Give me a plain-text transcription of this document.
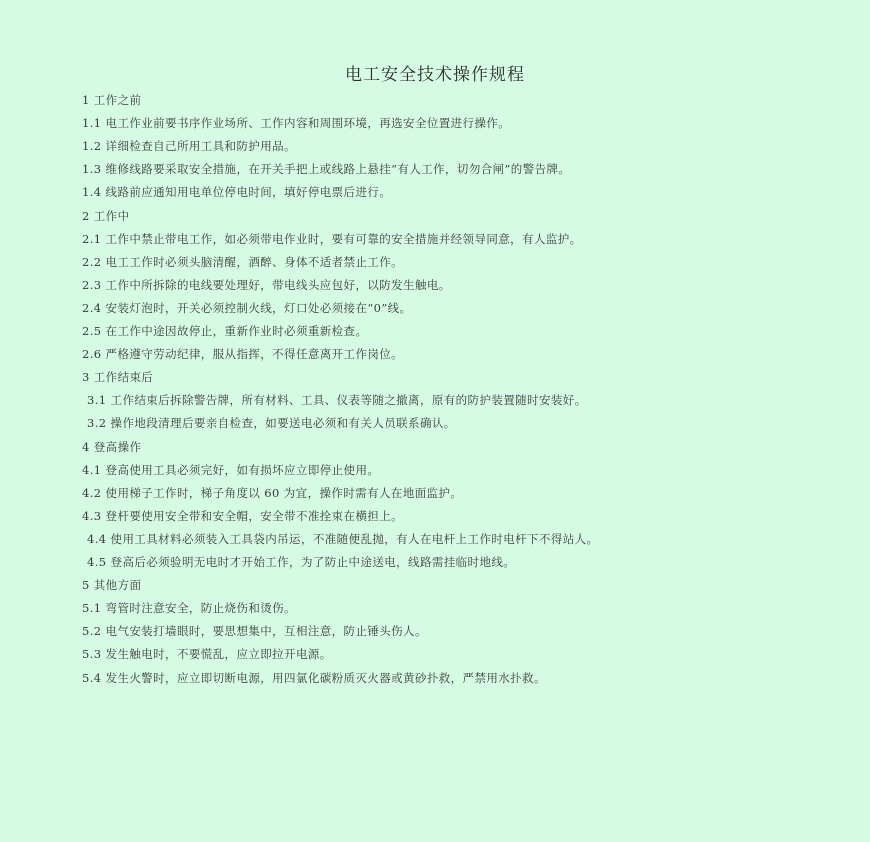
电工安全技术操作规程
1 工作之前
1.1 电工作业前要书序作业场所、工作内容和周围环境，再选安全位置进行操作。
1.2 详细检查自己所用工具和防护用品。
1.3 维修线路要采取安全措施，在开关手把上或线路上悬挂“有人工作，切勿合闸”的警告牌。
1.4 线路前应通知用电单位停电时间，填好停电票后进行。
2 工作中
2.1 工作中禁止带电工作，如必须带电作业时，要有可靠的安全措施并经领导同意，有人监护。
2.2 电工工作时必须头脑清醒，酒醉、身体不适者禁止工作。
2.3 工作中所拆除的电线要处理好，带电线头应包好，以防发生触电。
2.4 安装灯泡时，开关必须控制火线，灯口处必须接在“0”线。
2.5 在工作中途因故停止，重新作业时必须重新检查。
2.6 严格遵守劳动纪律，服从指挥，不得任意离开工作岗位。
3 工作结束后
3.1 工作结束后拆除警告牌，所有材料、工具、仪表等随之撤离，原有的防护装置随时安装好。
3.2 操作地段清理后要亲自检查，如要送电必须和有关人员联系确认。
4 登高操作
4.1 登高使用工具必须完好，如有损坏应立即停止使用。
4.2 使用梯子工作时，梯子角度以 60 为宜，操作时需有人在地面监护。
4.3 登杆要使用安全带和安全帽，安全带不准拴束在横担上。
4.4 使用工具材料必须装入工具袋内吊运，不准随便乱抛，有人在电杆上工作时电杆下不得站人。
4.5 登高后必须验明无电时才开始工作，为了防止中途送电，线路需挂临时地线。
5 其他方面
5.1 弯管时注意安全，防止烧伤和烫伤。
5.2 电气安装打墙眼时，要思想集中，互相注意，防止锤头伤人。
5.3 发生触电时，不要慌乱，应立即拉开电源。
5.4 发生火警时，应立即切断电源，用四氯化碳粉质灭火器或黄砂扑救，严禁用水扑救。
